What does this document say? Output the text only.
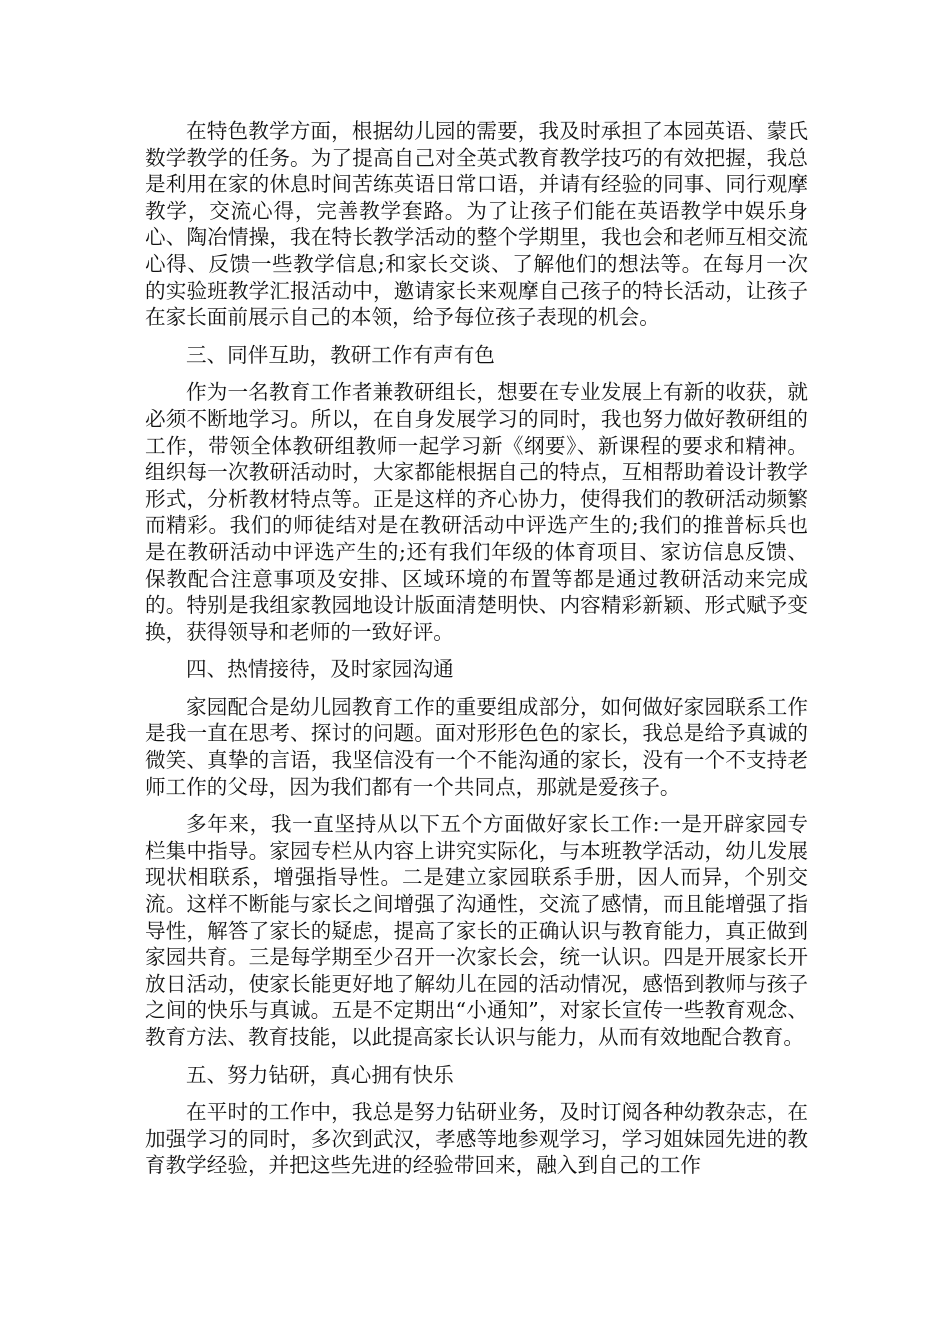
在特色教学方面，根据幼儿园的需要，我及时承担了本园英语、蒙氏数学教学的任务。为了提高自己对全英式教育教学技巧的有效把握，我总是利用在家的休息时间苦练英语日常口语，并请有经验的同事、同行观摩教学，交流心得，完善教学套路。为了让孩子们能在英语教学中娱乐身心、陶冶情操，我在特长教学活动的整个学期里，我也会和老师互相交流心得、反馈一些教学信息;和家长交谈、了解他们的想法等。在每月一次的实验班教学汇报活动中，邀请家长来观摩自己孩子的特长活动，让孩子在家长面前展示自己的本领，给予每位孩子表现的机会。

三、同伴互助，教研工作有声有色

作为一名教育工作者兼教研组长，想要在专业发展上有新的收获，就必须不断地学习。所以，在自身发展学习的同时，我也努力做好教研组的工作，带领全体教研组教师一起学习新《纲要》、新课程的要求和精神。组织每一次教研活动时，大家都能根据自己的特点，互相帮助着设计教学形式，分析教材特点等。正是这样的齐心协力，使得我们的教研活动频繁而精彩。我们的师徒结对是在教研活动中评选产生的;我们的推普标兵也是在教研活动中评选产生的;还有我们年级的体育项目、家访信息反馈、保教配合注意事项及安排、区域环境的布置等都是通过教研活动来完成的。特别是我组家教园地设计版面清楚明快、内容精彩新颖、形式赋予变换，获得领导和老师的一致好评。

四、热情接待，及时家园沟通

家园配合是幼儿园教育工作的重要组成部分，如何做好家园联系工作是我一直在思考、探讨的问题。面对形形色色的家长，我总是给予真诚的微笑、真挚的言语，我坚信没有一个不能沟通的家长，没有一个不支持老师工作的父母，因为我们都有一个共同点，那就是爱孩子。

多年来，我一直坚持从以下五个方面做好家长工作:一是开辟家园专栏集中指导。家园专栏从内容上讲究实际化，与本班教学活动，幼儿发展现状相联系，增强指导性。二是建立家园联系手册，因人而异，个别交流。这样不断能与家长之间增强了沟通性，交流了感情，而且能增强了指导性，解答了家长的疑虑，提高了家长的正确认识与教育能力，真正做到家园共育。三是每学期至少召开一次家长会，统一认识。四是开展家长开放日活动，使家长能更好地了解幼儿在园的活动情况，感悟到教师与孩子之间的快乐与真诚。五是不定期出“小通知”，对家长宣传一些教育观念、教育方法、教育技能，以此提高家长认识与能力，从而有效地配合教育。

五、努力钻研，真心拥有快乐

在平时的工作中，我总是努力钻研业务，及时订阅各种幼教杂志，在加强学习的同时，多次到武汉，孝感等地参观学习，学习姐妹园先进的教育教学经验，并把这些先进的经验带回来，融入到自己的工作
